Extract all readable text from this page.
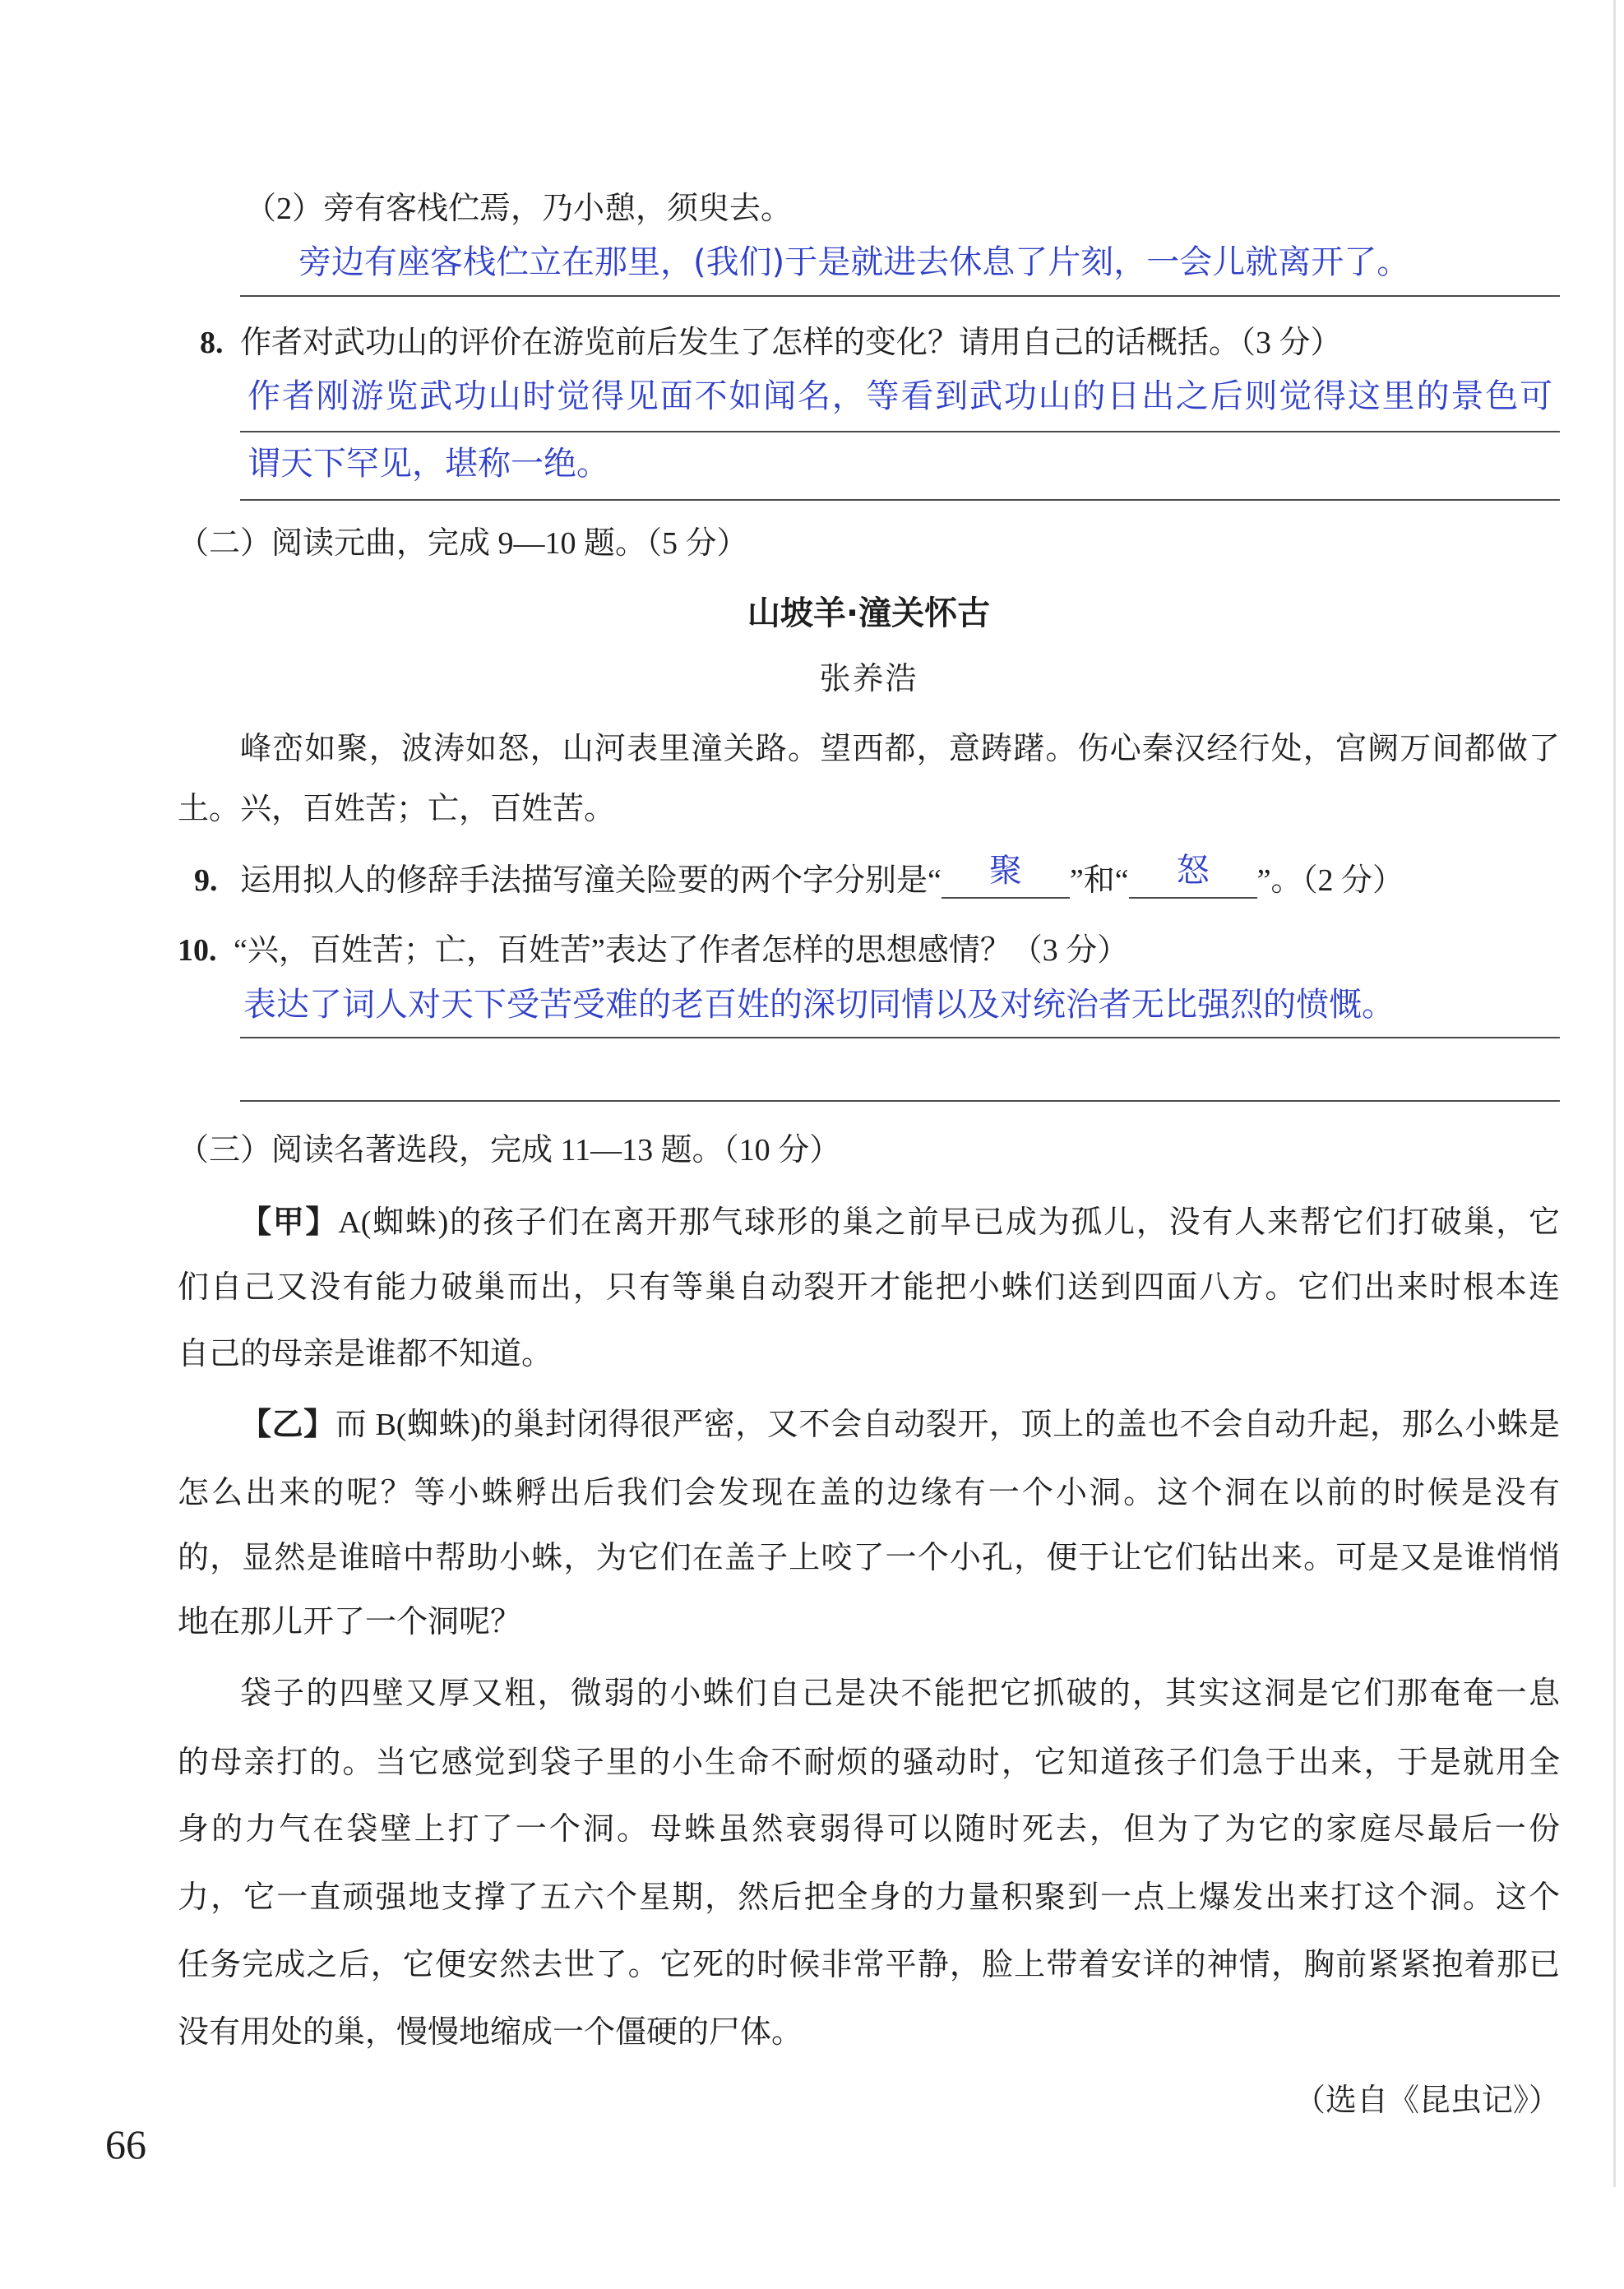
（2）旁有客栈伫焉，乃小憩，须臾去。
旁边有座客栈伫立在那里，(我们)于是就进去休息了片刻，一会儿就离开了。
8. 作者对武功山的评价在游览前后发生了怎样的变化？请用自己的话概括。（3 分）
作者刚游览武功山时觉得见面不如闻名，等看到武功山的日出之后则觉得这里的景色可
谓天下罕见，堪称一绝。
（二）阅读元曲，完成 9—10 题。（5 分）
山坡羊·潼关怀古
张养浩
峰峦如聚，波涛如怒，山河表里潼关路。望西都，意踌躇。伤心秦汉经行处，宫阙万间都做了
土。兴，百姓苦；亡，百姓苦。
9. 运用拟人的修辞手法描写潼关险要的两个字分别是“	聚	”和“	怒	”。（2 分）
10. “兴，百姓苦；亡，百姓苦”表达了作者怎样的思想感情？（3 分）
表达了词人对天下受苦受难的老百姓的深切同情以及对统治者无比强烈的愤慨。
（三）阅读名著选段，完成 11—13 题。（10 分）
【甲】A(蜘蛛)的孩子们在离开那气球形的巢之前早已成为孤儿，没有人来帮它们打破巢，它
们自己又没有能力破巢而出，只有等巢自动裂开才能把小蛛们送到四面八方。它们出来时根本连
自己的母亲是谁都不知道。
【乙】而 B(蜘蛛)的巢封闭得很严密，又不会自动裂开，顶上的盖也不会自动升起，那么小蛛是
怎么出来的呢？等小蛛孵出后我们会发现在盖的边缘有一个小洞。这个洞在以前的时候是没有
的，显然是谁暗中帮助小蛛，为它们在盖子上咬了一个小孔，便于让它们钻出来。可是又是谁悄悄
地在那儿开了一个洞呢？
袋子的四壁又厚又粗，微弱的小蛛们自己是决不能把它抓破的，其实这洞是它们那奄奄一息
的母亲打的。当它感觉到袋子里的小生命不耐烦的骚动时，它知道孩子们急于出来，于是就用全
身的力气在袋壁上打了一个洞。母蛛虽然衰弱得可以随时死去，但为了为它的家庭尽最后一份
力，它一直顽强地支撑了五六个星期，然后把全身的力量积聚到一点上爆发出来打这个洞。这个
任务完成之后，它便安然去世了。它死的时候非常平静，脸上带着安详的神情，胸前紧紧抱着那已
没有用处的巢，慢慢地缩成一个僵硬的尸体。
（选自《昆虫记》）
66
